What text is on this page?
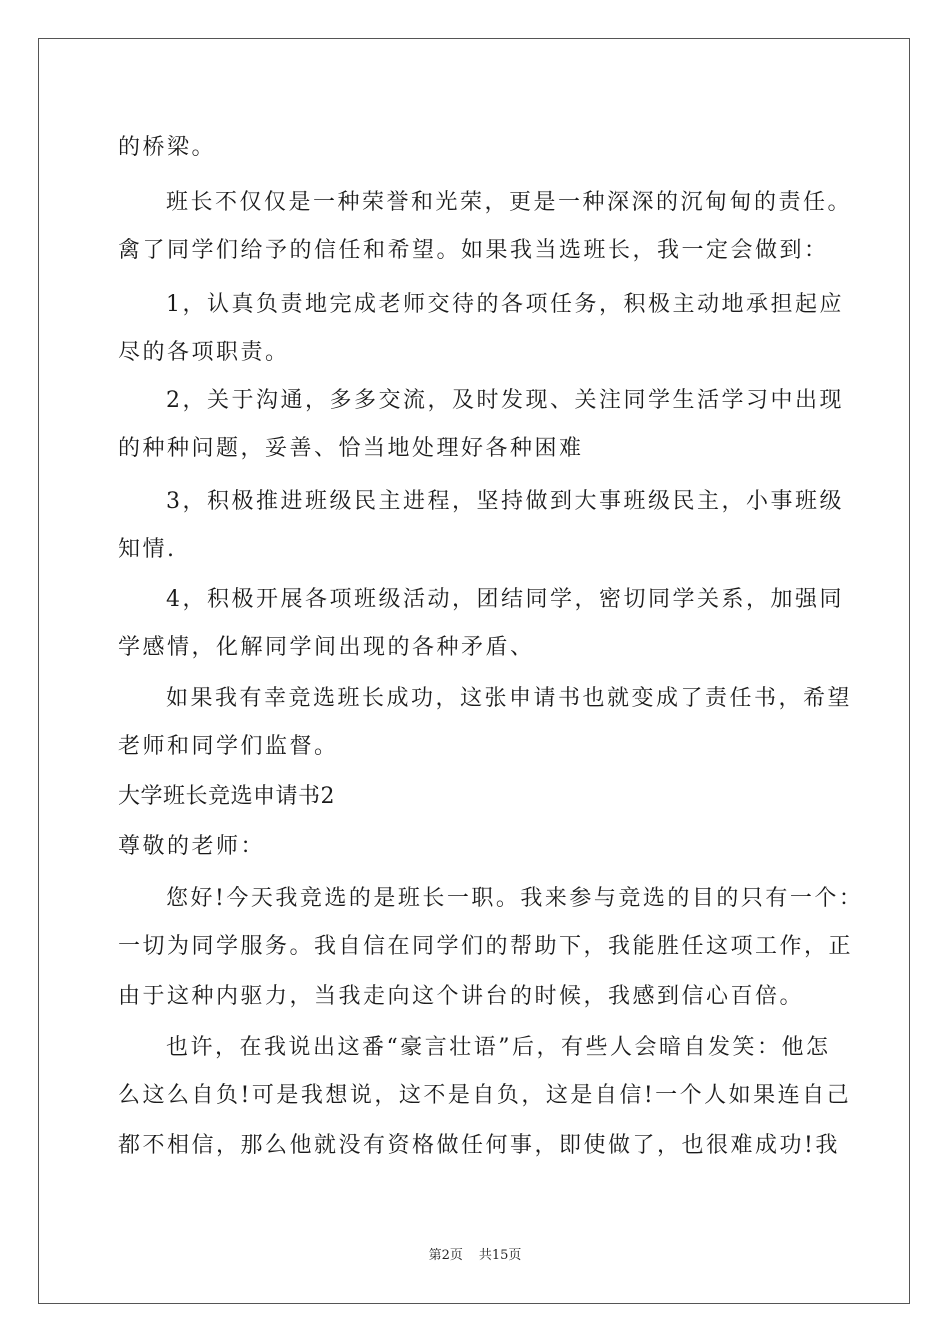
的桥梁。
班长不仅仅是一种荣誉和光荣，更是一种深深的沉甸甸的责任。
禽了同学们给予的信任和希望。如果我当选班长，我一定会做到：
1，认真负责地完成老师交待的各项任务，积极主动地承担起应
尽的各项职责。
2，关于沟通，多多交流，及时发现、关注同学生活学习中出现
的种种问题，妥善、恰当地处理好各种困难
3，积极推进班级民主进程，坚持做到大事班级民主，小事班级
知情.
4，积极开展各项班级活动，团结同学，密切同学关系，加强同
学感情，化解同学间出现的各种矛盾、
如果我有幸竞选班长成功，这张申请书也就变成了责任书，希望
老师和同学们监督。
大学班长竞选申请书2
尊敬的老师：
您好!今天我竞选的是班长一职。我来参与竞选的目的只有一个：
一切为同学服务。我自信在同学们的帮助下，我能胜任这项工作，正
由于这种内驱力，当我走向这个讲台的时候，我感到信心百倍。
也许，在我说出这番“豪言壮语”后，有些人会暗自发笑：他怎
么这么自负!可是我想说，这不是自负，这是自信!一个人如果连自己
都不相信，那么他就没有资格做任何事，即使做了，也很难成功!我
第2页 共15页
